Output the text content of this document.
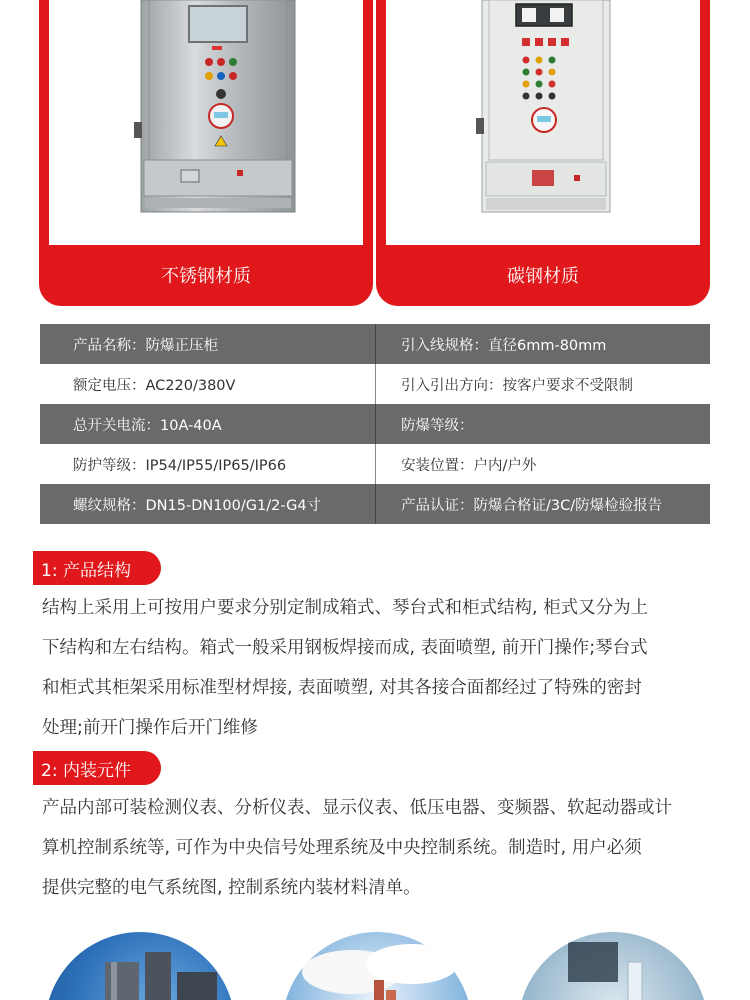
不锈钢材质	碳钢材质
产品名称：防爆正压柜	引入线规格：直径6mm-80mm
额定电压：AC220/380V	引入引出方向：按客户要求不受限制
总开关电流：10A-40A	防爆等级：
防护等级：IP54/IP55/IP65/IP66	安装位置：户内/户外
螺纹规格：DN15-DN100/G1/2-G4寸	产品认证：防爆合格证/3C/防爆检验报告
1: 产品结构
结构上采用上可按用户要求分别定制成箱式、琴台式和柜式结构, 柜式又分为上
下结构和左右结构。箱式一般采用钢板焊接而成, 表面喷塑, 前开门操作;琴台式
和柜式其柜架采用标准型材焊接, 表面喷塑, 对其各接合面都经过了特殊的密封
处理;前开门操作后开门维修
2: 内装元件
产品内部可装检测仪表、分析仪表、显示仪表、低压电器、变频器、软起动器或计
算机控制系统等, 可作为中央信号处理系统及中央控制系统。制造时, 用户必须
提供完整的电气系统图, 控制系统内装材料清单。
